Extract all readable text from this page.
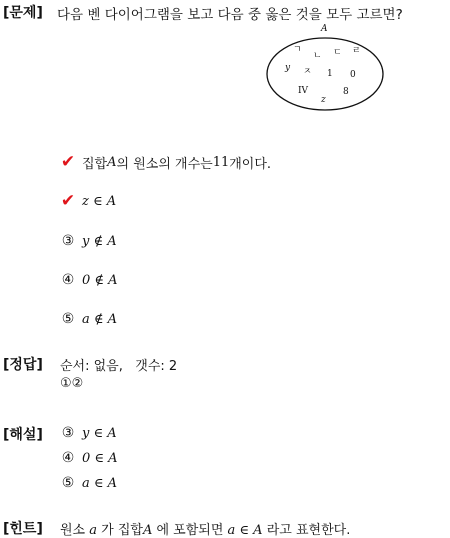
[문제] 다음 벤 다이어그램을 보고 다음 중 옳은 것을 모두 고르면?
A
ㄱ
ㄴ ㄷ ㄹ
ㅈ 1 0
IV	8
z
y
✔ 집합 A 의 원소의 개수는 11 개이다.
✔ z ∈ A
③ y ∉ A
④ 0 ∉ A
⑤ a ∉ A
[정답] 순서: 없음,   갯수: 2
①②
[해설] ③ y ∈ A
④ 0 ∈ A
⑤ a ∈ A
[힌트] 원소 a 가 집합A 에 포함되면 a ∈ A 라고 표현한다.
